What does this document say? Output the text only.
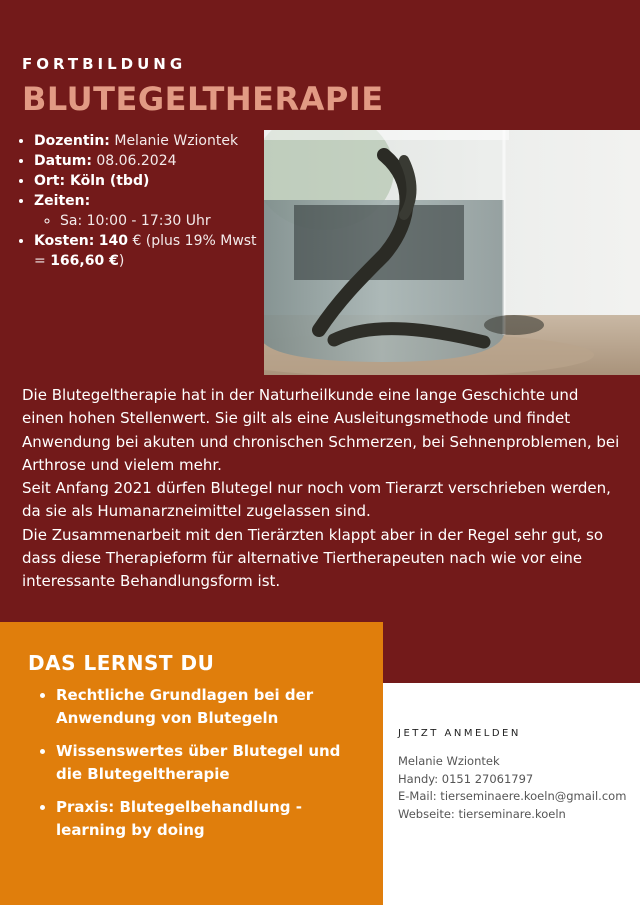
FORTBILDUNG
BLUTEGELTHERAPIE
• Dozentin: Melanie Wziontek
• Datum: 08.06.2024
• Ort: Köln (tbd)
• Zeiten:
◦ Sa: 10:00 - 17:30 Uhr
• Kosten: 140 € (plus 19% Mwst = 166,60 €)

Die Blutegeltherapie hat in der Naturheilkunde eine lange Geschichte und einen hohen Stellenwert. Sie gilt als eine Ausleitungsmethode und findet Anwendung bei akuten und chronischen Schmerzen, bei Sehnenproblemen, bei Arthrose und vielem mehr.

Seit Anfang 2021 dürfen Blutegel nur noch vom Tierarzt verschrieben werden, da sie als Humanarzneimittel zugelassen sind.

Die Zusammenarbeit mit den Tierärzten klappt aber in der Regel sehr gut, so dass diese Therapieform für alternative Tiertherapeuten nach wie vor eine interessante Behandlungsform ist.

DAS LERNST DU
• Rechtliche Grundlagen bei der Anwendung von Blutegeln
• Wissenswertes über Blutegel und die Blutegeltherapie
• Praxis: Blutegelbehandlung - learning by doing
JETZT ANMELDEN
Melanie Wziontek
Handy: 0151 27061797
E-Mail: tierseminaere.koeln@gmail.com
Webseite: tierseminare.koeln
